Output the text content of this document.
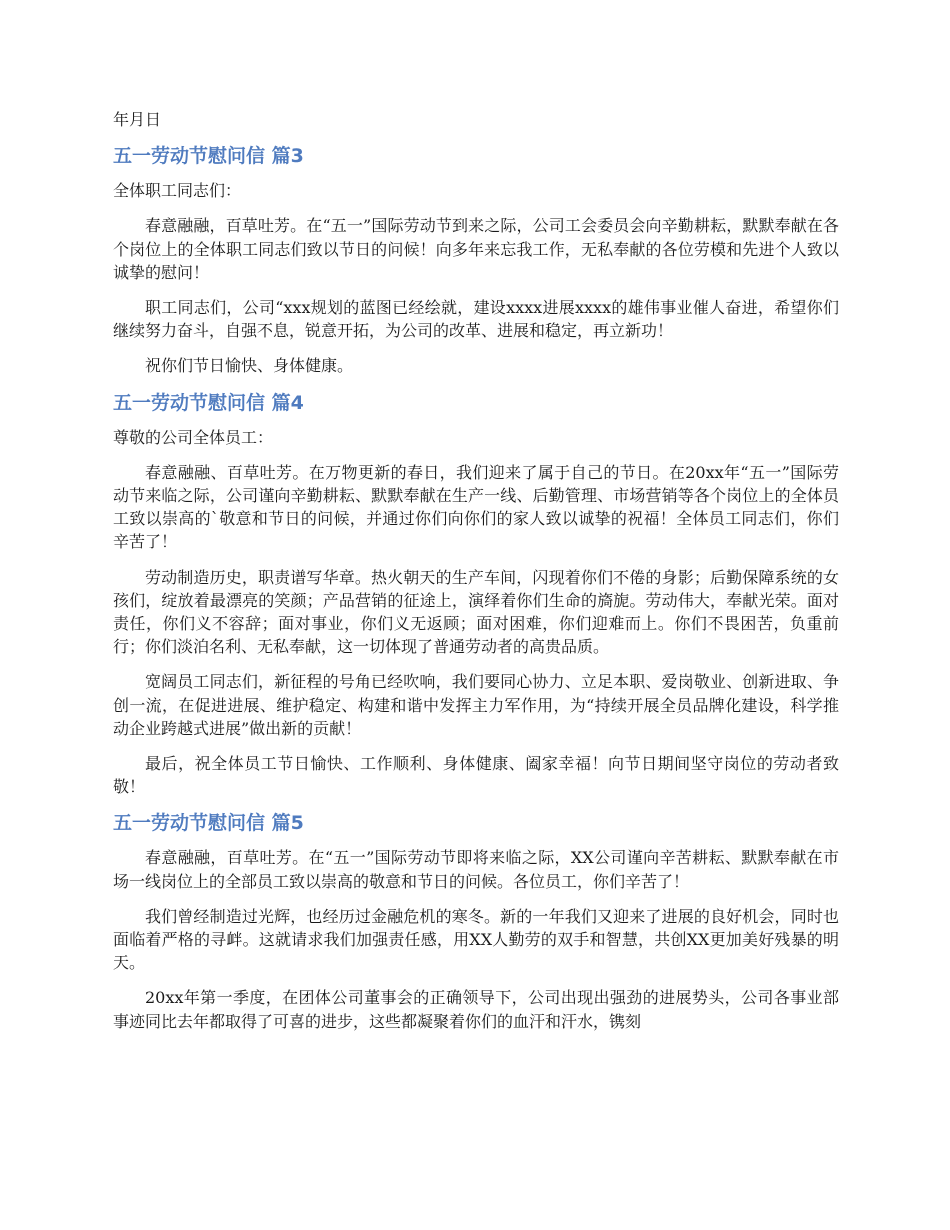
年月日

五一劳动节慰问信 篇3

全体职工同志们：

春意融融，百草吐芳。在“五一”国际劳动节到来之际，公司工会委员会向辛勤耕耘，默默奉献在各个岗位上的全体职工同志们致以节日的问候！向多年来忘我工作，无私奉献的各位劳模和先进个人致以诚挚的慰问！

职工同志们，公司“xxx规划的蓝图已经绘就，建设xxxx进展xxxx的雄伟事业催人奋进，希望你们继续努力奋斗，自强不息，锐意开拓，为公司的改革、进展和稳定，再立新功！

祝你们节日愉快、身体健康。

五一劳动节慰问信 篇4

尊敬的公司全体员工：

春意融融、百草吐芳。在万物更新的春日，我们迎来了属于自己的节日。在20xx年“五一”国际劳动节来临之际，公司谨向辛勤耕耘、默默奉献在生产一线、后勤管理、市场营销等各个岗位上的全体员工致以崇高的`敬意和节日的问候，并通过你们向你们的家人致以诚挚的祝福！全体员工同志们，你们辛苦了！

劳动制造历史，职责谱写华章。热火朝天的生产车间，闪现着你们不倦的身影；后勤保障系统的女孩们，绽放着最漂亮的笑颜；产品营销的征途上，演绎着你们生命的旖旎。劳动伟大，奉献光荣。面对责任，你们义不容辞；面对事业，你们义无返顾；面对困难，你们迎难而上。你们不畏困苦，负重前行；你们淡泊名利、无私奉献，这一切体现了普通劳动者的高贵品质。

宽阔员工同志们，新征程的号角已经吹响，我们要同心协力、立足本职、爱岗敬业、创新进取、争创一流，在促进进展、维护稳定、构建和谐中发挥主力军作用，为“持续开展全员品牌化建设，科学推动企业跨越式进展”做出新的贡献！

最后，祝全体员工节日愉快、工作顺利、身体健康、阖家幸福！向节日期间坚守岗位的劳动者致敬！

五一劳动节慰问信 篇5

春意融融，百草吐芳。在“五一”国际劳动节即将来临之际，XX公司谨向辛苦耕耘、默默奉献在市场一线岗位上的全部员工致以崇高的敬意和节日的问候。各位员工，你们辛苦了！

我们曾经制造过光辉，也经历过金融危机的寒冬。新的一年我们又迎来了进展的良好机会，同时也面临着严格的寻衅。这就请求我们加强责任感，用XX人勤劳的双手和智慧，共创XX更加美好残暴的明天。

20xx年第一季度，在团体公司董事会的正确领导下，公司出现出强劲的进展势头，公司各事业部事迹同比去年都取得了可喜的进步，这些都凝聚着你们的血汗和汗水，镌刻
